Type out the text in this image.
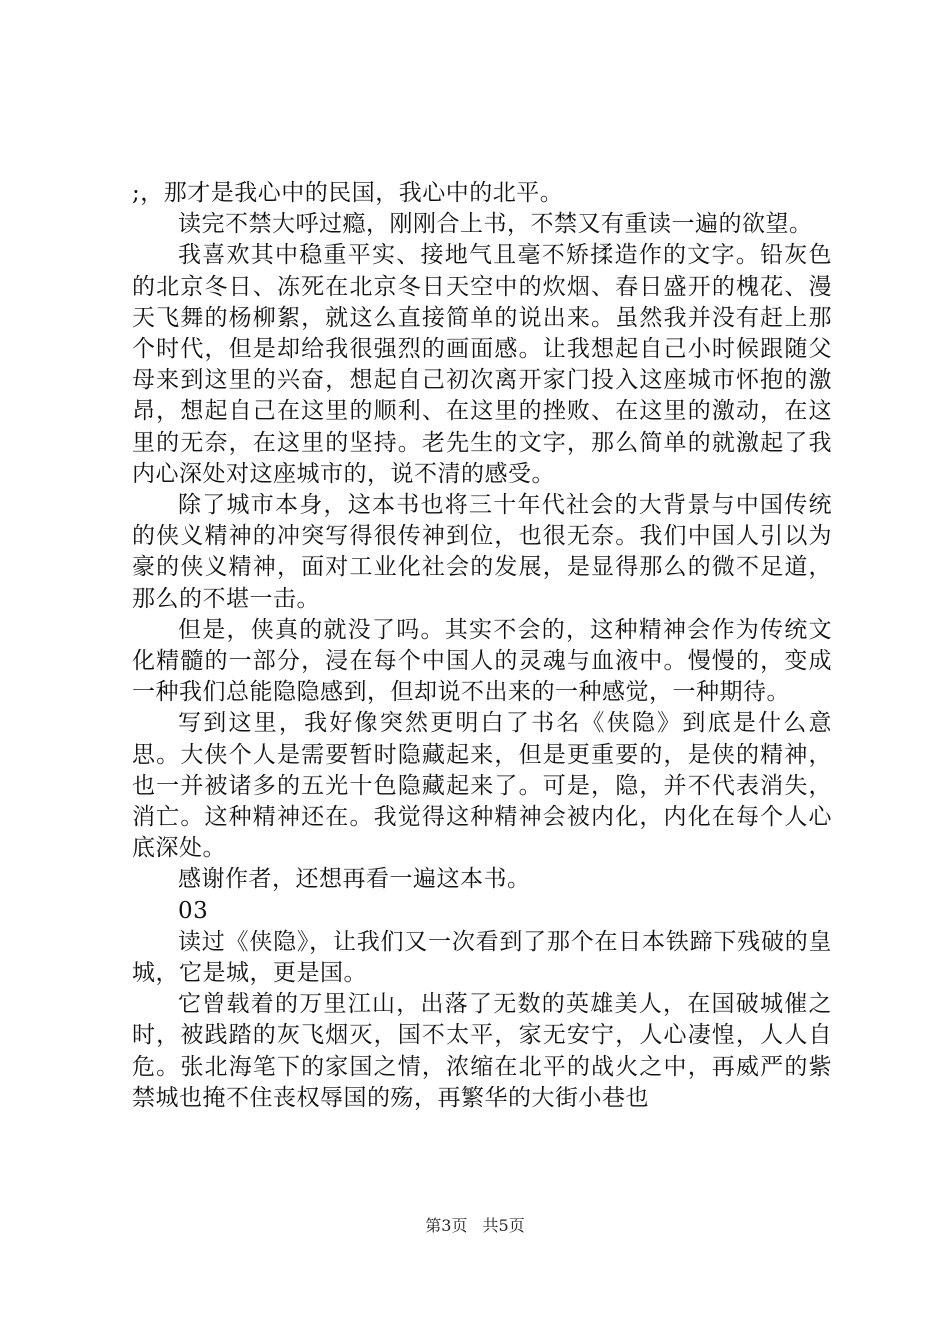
;，那才是我心中的民国，我心中的北平。

读完不禁大呼过瘾，刚刚合上书，不禁又有重读一遍的欲望。

我喜欢其中稳重平实、接地气且毫不矫揉造作的文字。铅灰色的北京冬日、冻死在北京冬日天空中的炊烟、春日盛开的槐花、漫天飞舞的杨柳絮，就这么直接简单的说出来。虽然我并没有赶上那个时代，但是却给我很强烈的画面感。让我想起自己小时候跟随父母来到这里的兴奋，想起自己初次离开家门投入这座城市怀抱的激昂，想起自己在这里的顺利、在这里的挫败、在这里的激动，在这里的无奈，在这里的坚持。老先生的文字，那么简单的就激起了我内心深处对这座城市的，说不清的感受。

除了城市本身，这本书也将三十年代社会的大背景与中国传统的侠义精神的冲突写得很传神到位，也很无奈。我们中国人引以为豪的侠义精神，面对工业化社会的发展，是显得那么的微不足道，那么的不堪一击。

但是，侠真的就没了吗。其实不会的，这种精神会作为传统文化精髓的一部分，浸在每个中国人的灵魂与血液中。慢慢的，变成一种我们总能隐隐感到，但却说不出来的一种感觉，一种期待。

写到这里，我好像突然更明白了书名《侠隐》到底是什么意思。大侠个人是需要暂时隐藏起来，但是更重要的，是侠的精神，也一并被诸多的五光十色隐藏起来了。可是，隐，并不代表消失，消亡。这种精神还在。我觉得这种精神会被内化，内化在每个人心底深处。

感谢作者，还想再看一遍这本书。

03

读过《侠隐》，让我们又一次看到了那个在日本铁蹄下残破的皇城，它是城，更是国。

它曾载着的万里江山，出落了无数的英雄美人，在国破城催之时，被践踏的灰飞烟灭，国不太平，家无安宁，人心凄惶，人人自危。张北海笔下的家国之情，浓缩在北平的战火之中，再威严的紫禁城也掩不住丧权辱国的殇，再繁华的大街小巷也

第3页 共5页
